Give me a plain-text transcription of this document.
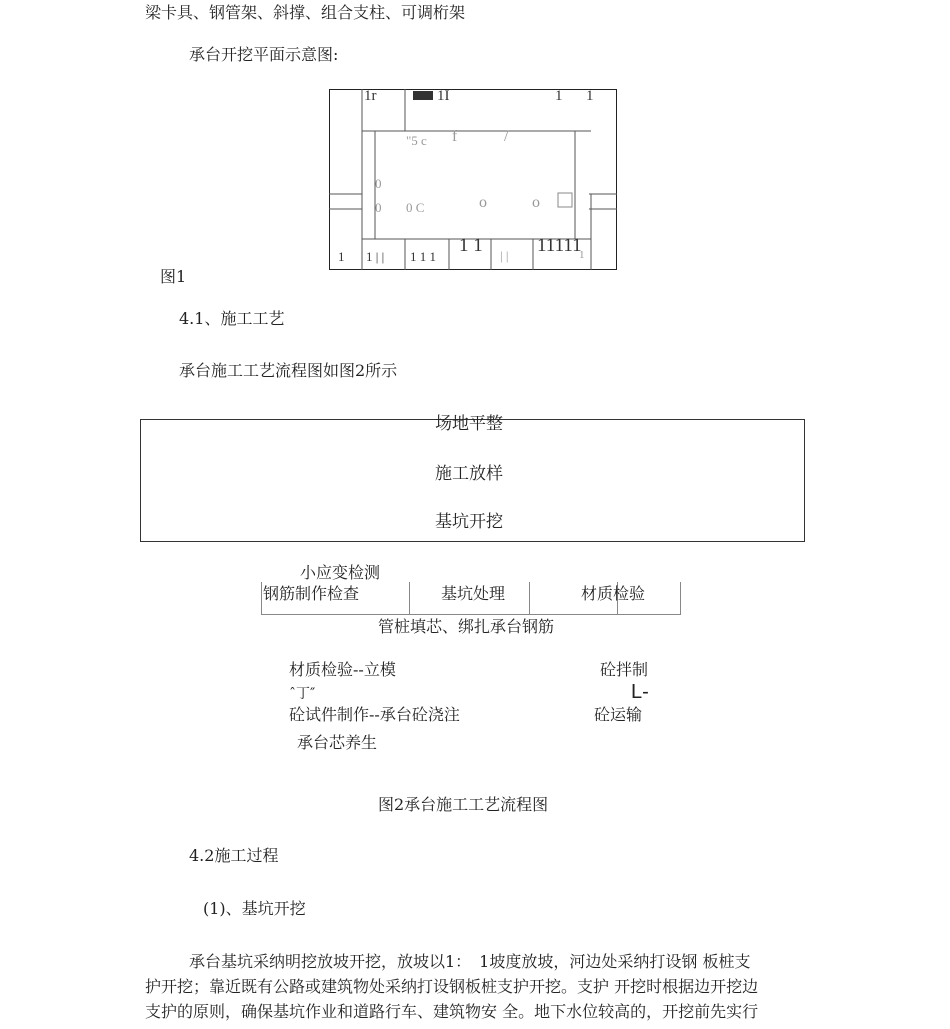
梁卡具、钢管架、斜撑、组合支柱、可调桁架
承台开挖平面示意图:
1r	1I	1 1
"5 c f	/
0
0 0 C	o	o
1 1 | | 1 1 1
1 1 | | 11111
1
图1
4.1、施工工艺
承台施工工艺流程图如图2所示
场地平整
施工放样
基坑开挖
小应变检测
钢筋制作检查	基坑处理	材质检验
管桩填芯、绑扎承台钢筋
材质检验--立模	砼拌制
ˆ丁″	L-
砼试件制作--承台砼浇注	砼运输
承台芯养生
图2承台施工工艺流程图
4.2施工过程
(1)、基坑开挖
承台基坑采纳明挖放坡开挖，放坡以1：　1坡度放坡，河边处采纳打设钢 板桩支
护开挖；靠近既有公路或建筑物处采纳打设钢板桩支护开挖。支护 开挖时根据边开挖边
支护的原则，确保基坑作业和道路行车、建筑物安 全。地下水位较高的，开挖前先实行
